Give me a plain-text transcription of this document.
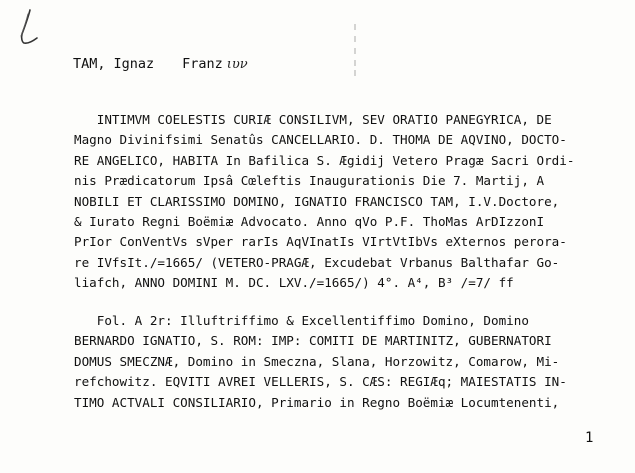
TAM, Ignaz Franz ιυν
INTIMVM COELESTIS CURIÆ CONSILIVM, SEV ORATIO PANEGYRICA, DE
Magno Divinifsimi Senatûs CANCELLARIO. D. THOMA DE AQVINO, DOCTO-
RE ANGELICO, HABITA In Bafilica S. Ægidij Vetero Pragæ Sacri Ordi-
nis Prædicatorum Ipsâ Cœleftis Inaugurationis Die 7. Martij, A
NOBILI ET CLARISSIMO DOMINO, IGNATIO FRANCISCO TAM, I.V.Doctore,
& Iurato Regni Boëmiæ Advocato. Anno qVo P.F. ThoMas ArDIzzonI
PrIor ConVentVs sVper rarIs AqVInatIs VIrtVtIbVs eXternos perora-
re IVfsIt./=1665/ (VETERO-PRAGÆ, Excudebat Vrbanus Balthafar Go-
liafch, ANNO DOMINI M. DC. LXV./=1665/) 4°. A⁴, B³ /=7/ ff
Fol. A 2r: Illuftriffimo & Excellentiffimo Domino, Domino
BERNARDO IGNATIO, S. ROM: IMP: COMITI DE MARTINITZ, GUBERNATORI
DOMUS SMECZNÆ, Domino in Smeczna, Slana, Horzowitz, Comarow, Mi-
refchowitz. EQVITI AVREI VELLERIS, S. CÆS: REGIÆq; MAIESTATIS IN-
TIMO ACTVALI CONSILIARIO, Primario in Regno Boëmiæ Locumtenenti,
1
